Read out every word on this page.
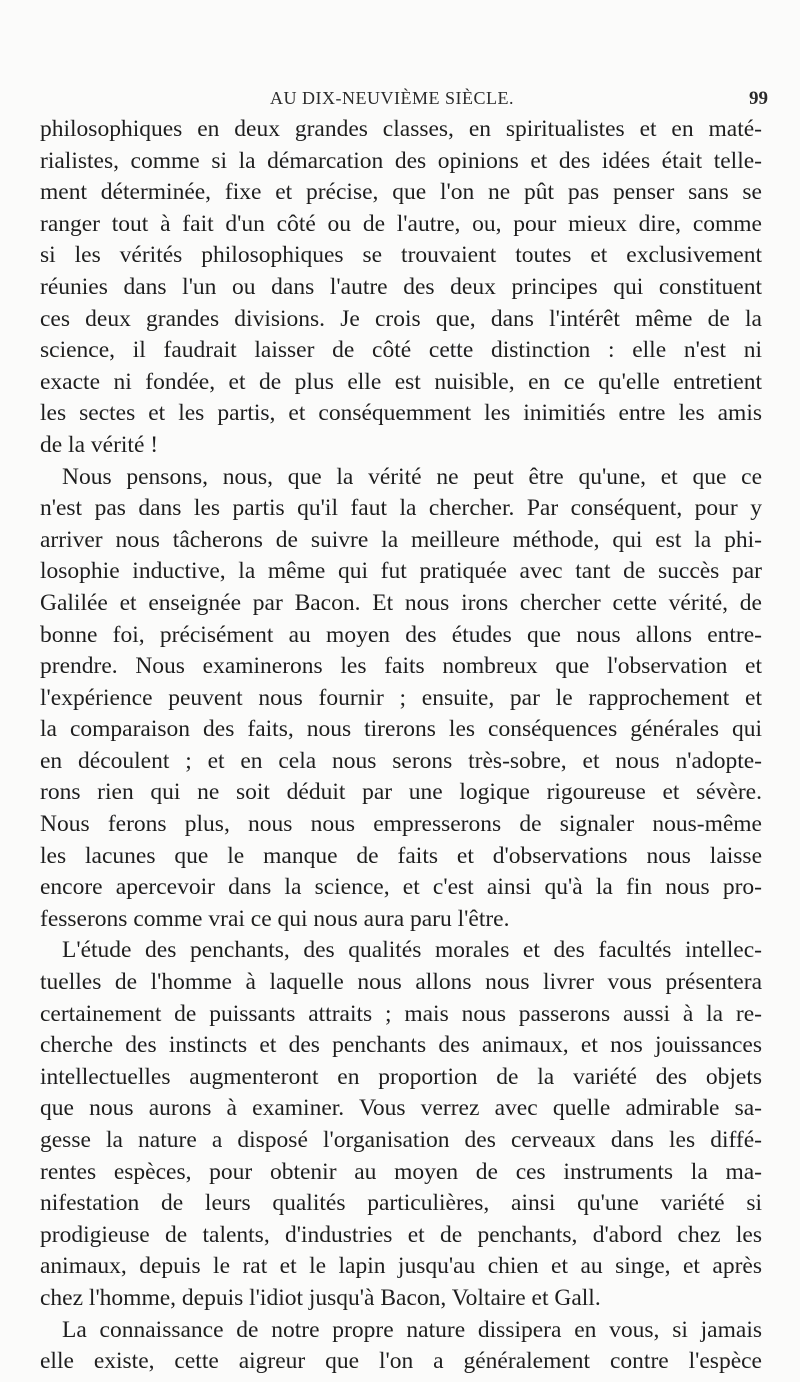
AU DIX-NEUVIÈME SIÈCLE.	99
philosophiques en deux grandes classes, en spiritualistes et en maté-
rialistes, comme si la démarcation des opinions et des idées était telle-
ment déterminée, fixe et précise, que l'on ne pût pas penser sans se
ranger tout à fait d'un côté ou de l'autre, ou, pour mieux dire, comme
si les vérités philosophiques se trouvaient toutes et exclusivement
réunies dans l'un ou dans l'autre des deux principes qui constituent
ces deux grandes divisions. Je crois que, dans l'intérêt même de la
science, il faudrait laisser de côté cette distinction : elle n'est ni
exacte ni fondée, et de plus elle est nuisible, en ce qu'elle entretient
les sectes et les partis, et conséquemment les inimitiés entre les amis
de la vérité !
Nous pensons, nous, que la vérité ne peut être qu'une, et que ce
n'est pas dans les partis qu'il faut la chercher. Par conséquent, pour y
arriver nous tâcherons de suivre la meilleure méthode, qui est la phi-
losophie inductive, la même qui fut pratiquée avec tant de succès par
Galilée et enseignée par Bacon. Et nous irons chercher cette vérité, de
bonne foi, précisément au moyen des études que nous allons entre-
prendre. Nous examinerons les faits nombreux que l'observation et
l'expérience peuvent nous fournir ; ensuite, par le rapprochement et
la comparaison des faits, nous tirerons les conséquences générales qui
en découlent ; et en cela nous serons très-sobre, et nous n'adopte-
rons rien qui ne soit déduit par une logique rigoureuse et sévère.
Nous ferons plus, nous nous empresserons de signaler nous-même
les lacunes que le manque de faits et d'observations nous laisse
encore apercevoir dans la science, et c'est ainsi qu'à la fin nous pro-
fesserons comme vrai ce qui nous aura paru l'être.
L'étude des penchants, des qualités morales et des facultés intellec-
tuelles de l'homme à laquelle nous allons nous livrer vous présentera
certainement de puissants attraits ; mais nous passerons aussi à la re-
cherche des instincts et des penchants des animaux, et nos jouissances
intellectuelles augmenteront en proportion de la variété des objets
que nous aurons à examiner. Vous verrez avec quelle admirable sa-
gesse la nature a disposé l'organisation des cerveaux dans les diffé-
rentes espèces, pour obtenir au moyen de ces instruments la ma-
nifestation de leurs qualités particulières, ainsi qu'une variété si
prodigieuse de talents, d'industries et de penchants, d'abord chez les
animaux, depuis le rat et le lapin jusqu'au chien et au singe, et après
chez l'homme, depuis l'idiot jusqu'à Bacon, Voltaire et Gall.
La connaissance de notre propre nature dissipera en vous, si jamais
elle existe, cette aigreur que l'on a généralement contre l'espèce
